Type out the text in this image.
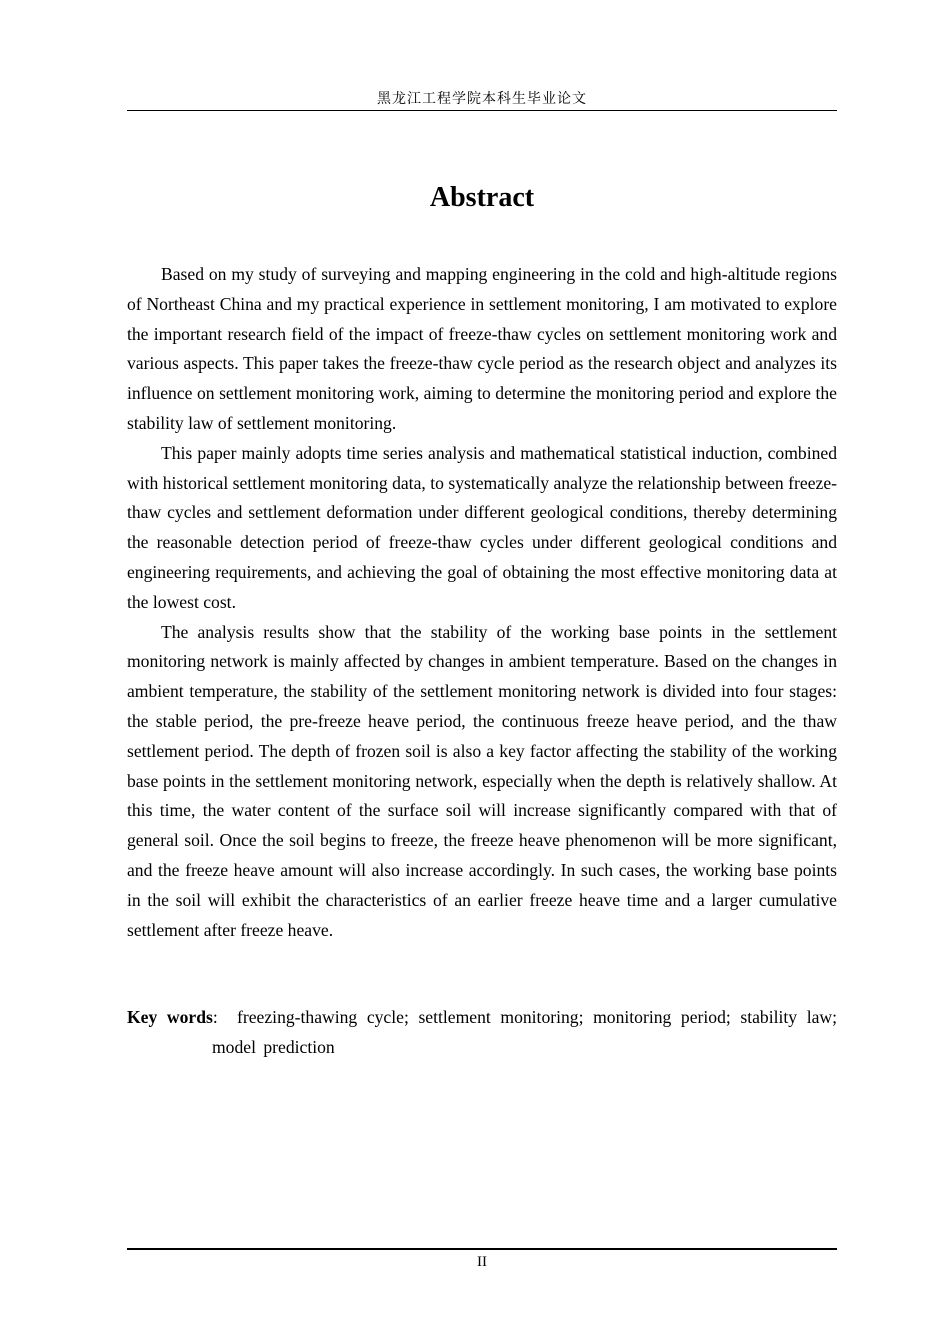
黑龙江工程学院本科生毕业论文
Abstract

Based on my study of surveying and mapping engineering in the cold and high-altitude regions of Northeast China and my practical experience in settlement monitoring, I am motivated to explore the important research field of the impact of freeze-thaw cycles on settlement monitoring work and various aspects. This paper takes the freeze-thaw cycle period as the research object and analyzes its influence on settlement monitoring work, aiming to determine the monitoring period and explore the stability law of settlement monitoring.

This paper mainly adopts time series analysis and mathematical statistical induction, combined with historical settlement monitoring data, to systematically analyze the relationship between freeze-thaw cycles and settlement deformation under different geological conditions, thereby determining the reasonable detection period of freeze-thaw cycles under different geological conditions and engineering requirements, and achieving the goal of obtaining the most effective monitoring data at the lowest cost.

The analysis results show that the stability of the working base points in the settlement monitoring network is mainly affected by changes in ambient temperature. Based on the changes in ambient temperature, the stability of the settlement monitoring network is divided into four stages: the stable period, the pre-freeze heave period, the continuous freeze heave period, and the thaw settlement period. The depth of frozen soil is also a key factor affecting the stability of the working base points in the settlement monitoring network, especially when the depth is relatively shallow. At this time, the water content of the surface soil will increase significantly compared with that of general soil. Once the soil begins to freeze, the freeze heave phenomenon will be more significant, and the freeze heave amount will also increase accordingly. In such cases, the working base points in the soil will exhibit the characteristics of an earlier freeze heave time and a larger cumulative settlement after freeze heave.

Key words: freezing-thawing cycle; settlement monitoring; monitoring period; stability law; model prediction
II
